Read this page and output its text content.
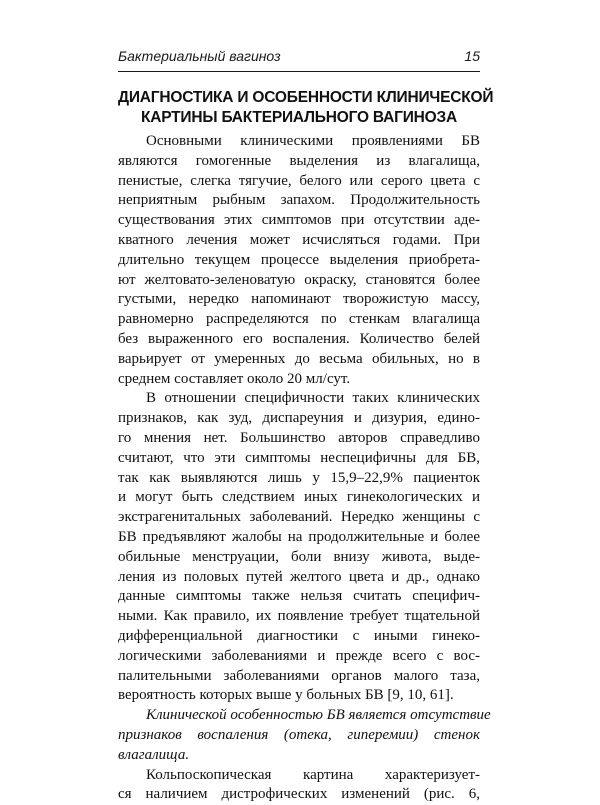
Бактериальный вагиноз	15
ДИАГНОСТИКА И ОСОБЕННОСТИ КЛИНИЧЕСКОЙ
КАРТИНЫ БАКТЕРИАЛЬНОГО ВАГИНОЗА
Основными клиническими проявлениями БВ
являются гомогенные выделения из влагалища,
пенистые, слегка тягучие, белого или серого цвета с
неприятным рыбным запахом. Продолжительность
существования этих симптомов при отсутствии аде-
кватного лечения может исчисляться годами. При
длительно текущем процессе выделения приобрета-
ют желтовато-зеленоватую окраску, становятся более
густыми, нередко напоминают творожистую массу,
равномерно распределяются по стенкам влагалища
без выраженного его воспаления. Количество белей
варьирует от умеренных до весьма обильных, но в
среднем составляет около 20 мл/сут.
В отношении специфичности таких клинических
признаков, как зуд, диспареуния и дизурия, едино-
го мнения нет. Большинство авторов справедливо
считают, что эти симптомы неспецифичны для БВ,
так как выявляются лишь у 15,9–22,9% пациенток
и могут быть следствием иных гинекологических и
экстрагенитальных заболеваний. Нередко женщины с
БВ предъявляют жалобы на продолжительные и более
обильные менструации, боли внизу живота, выде-
ления из половых путей желтого цвета и др., однако
данные симптомы также нельзя считать специфич-
ными. Как правило, их появление требует тщательной
дифференциальной диагностики с иными гинеко-
логическими заболеваниями и прежде всего с вос-
палительными заболеваниями органов малого таза,
вероятность которых выше у больных БВ [9, 10, 61].
Клинической особенностью БВ является отсутствие
признаков воспаления (отека, гиперемии) стенок
влагалища.
Кольпоскопическая картина характеризует-
ся наличием дистрофических изменений (рис. 6,
